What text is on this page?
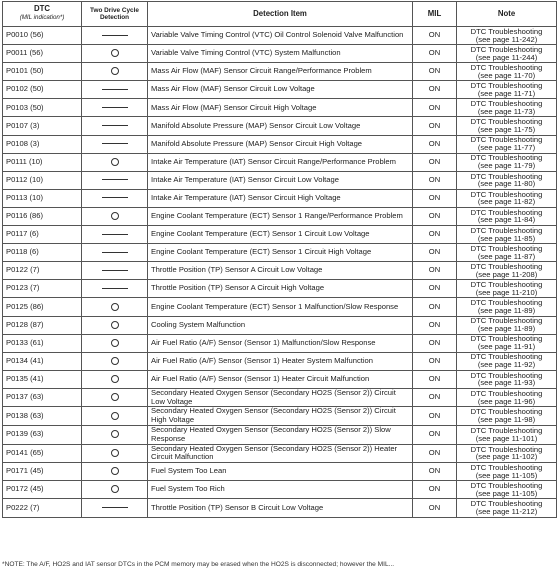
DTC
(MIL indication*)	Two Drive Cycle Detection	Detection Item	MIL	Note
P0010 (56)		Variable Valve Timing Control (VTC) Oil Control Solenoid Valve Malfunction	ON	DTC Troubleshooting
(see page 11-242)

P0011 (56)		Variable Valve Timing Control (VTC) System Malfunction	ON	DTC Troubleshooting
(see page 11-244)

P0101 (50)		Mass Air Flow (MAF) Sensor Circuit Range/Performance Problem	ON	DTC Troubleshooting
(see page 11-70)

P0102 (50)		Mass Air Flow (MAF) Sensor Circuit Low Voltage	ON	DTC Troubleshooting
(see page 11-71)

P0103 (50)		Mass Air Flow (MAF) Sensor Circuit High Voltage	ON	DTC Troubleshooting
(see page 11-73)

P0107 (3)		Manifold Absolute Pressure (MAP) Sensor Circuit Low Voltage	ON	DTC Troubleshooting
(see page 11-75)

P0108 (3)		Manifold Absolute Pressure (MAP) Sensor Circuit High Voltage	ON	DTC Troubleshooting
(see page 11-77)

P0111 (10)		Intake Air Temperature (IAT) Sensor Circuit Range/Performance Problem	ON	DTC Troubleshooting
(see page 11-79)

P0112 (10)		Intake Air Temperature (IAT) Sensor Circuit Low Voltage	ON	DTC Troubleshooting
(see page 11-80)

P0113 (10)		Intake Air Temperature (IAT) Sensor Circuit High Voltage	ON	DTC Troubleshooting
(see page 11-82)

P0116 (86)		Engine Coolant Temperature (ECT) Sensor 1 Range/Performance Problem	ON	DTC Troubleshooting
(see page 11-84)

P0117 (6)		Engine Coolant Temperature (ECT) Sensor 1 Circuit Low Voltage	ON	DTC Troubleshooting
(see page 11-85)

P0118 (6)		Engine Coolant Temperature (ECT) Sensor 1 Circuit High Voltage	ON	DTC Troubleshooting
(see page 11-87)

P0122 (7)		Throttle Position (TP) Sensor A Circuit Low Voltage	ON	DTC Troubleshooting
(see page 11-208)

P0123 (7)		Throttle Position (TP) Sensor A Circuit High Voltage	ON	DTC Troubleshooting
(see page 11-210)

P0125 (86)		Engine Coolant Temperature (ECT) Sensor 1 Malfunction/Slow Response	ON	DTC Troubleshooting
(see page 11-89)

P0128 (87)		Cooling System Malfunction	ON	DTC Troubleshooting
(see page 11-89)

P0133 (61)		Air Fuel Ratio (A/F) Sensor (Sensor 1) Malfunction/Slow Response	ON	DTC Troubleshooting
(see page 11-91)

P0134 (41)		Air Fuel Ratio (A/F) Sensor (Sensor 1) Heater System Malfunction	ON	DTC Troubleshooting
(see page 11-92)

P0135 (41)		Air Fuel Ratio (A/F) Sensor (Sensor 1) Heater Circuit Malfunction	ON	DTC Troubleshooting
(see page 11-93)

P0137 (63)		Secondary Heated Oxygen Sensor (Secondary HO2S (Sensor 2)) Circuit Low Voltage	ON	DTC Troubleshooting
(see page 11-96)

P0138 (63)		Secondary Heated Oxygen Sensor (Secondary HO2S (Sensor 2)) Circuit High Voltage	ON	DTC Troubleshooting
(see page 11-98)

P0139 (63)		Secondary Heated Oxygen Sensor (Secondary HO2S (Sensor 2)) Slow Response	ON	DTC Troubleshooting
(see page 11-101)

P0141 (65)		Secondary Heated Oxygen Sensor (Secondary HO2S (Sensor 2)) Heater Circuit Malfunction	ON	DTC Troubleshooting
(see page 11-102)

P0171 (45)		Fuel System Too Lean	ON	DTC Troubleshooting
(see page 11-105)

P0172 (45)		Fuel System Too Rich	ON	DTC Troubleshooting
(see page 11-105)

P0222 (7)		Throttle Position (TP) Sensor B Circuit Low Voltage	ON	DTC Troubleshooting
(see page 11-212)
*NOTE: The A/F, HO2S and IAT sensor DTCs in the PCM memory may be erased when the HO2S is disconnected; however the MIL...
